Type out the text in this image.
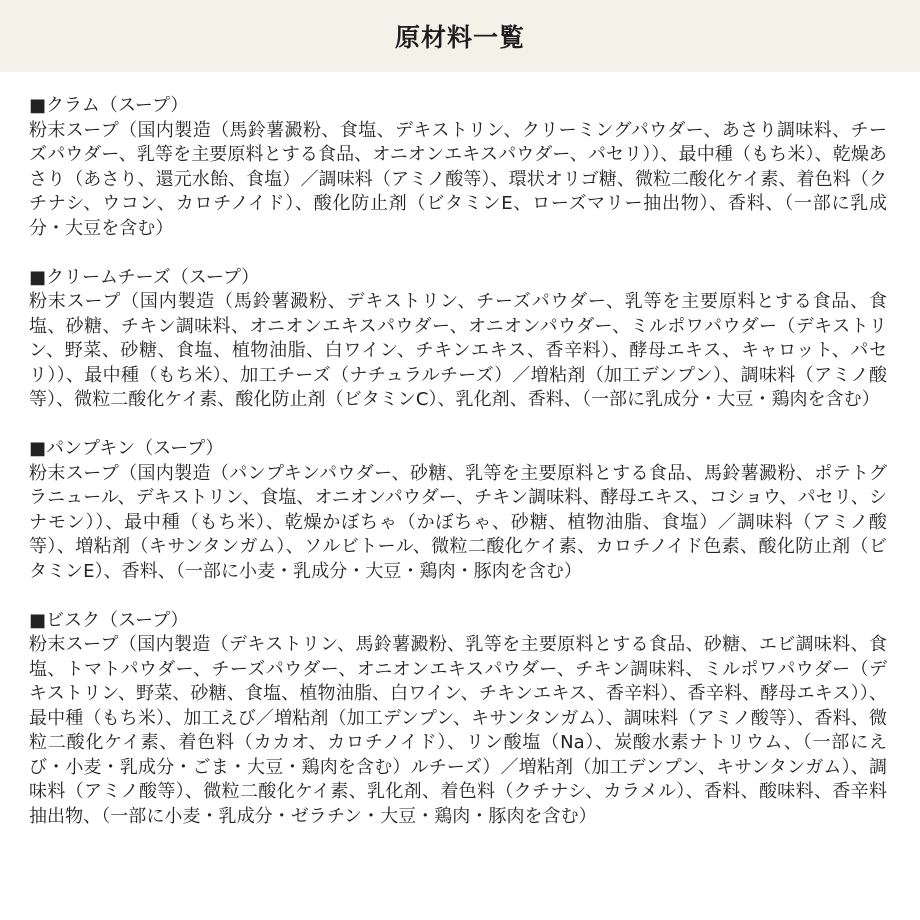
原材料一覧

■クラム（スープ）

粉末スープ（国内製造（馬鈴薯澱粉、食塩、デキストリン、クリーミングパウダー、あさり調味料、チーズパウダー、乳等を主要原料とする食品、オニオンエキスパウダー、パセリ））、最中種（もち米）、乾燥あさり（あさり、還元水飴、食塩）／調味料（アミノ酸等）、環状オリゴ糖、微粒二酸化ケイ素、着色料（クチナシ、ウコン、カロチノイド）、酸化防止剤（ビタミンE、ローズマリー抽出物）、香料、（一部に乳成分・大豆を含む）

■クリームチーズ（スープ）

粉末スープ（国内製造（馬鈴薯澱粉、デキストリン、チーズパウダー、乳等を主要原料とする食品、食塩、砂糖、チキン調味料、オニオンエキスパウダー、オニオンパウダー、ミルポワパウダー（デキストリン、野菜、砂糖、食塩、植物油脂、白ワイン、チキンエキス、香辛料）、酵母エキス、キャロット、パセリ））、最中種（もち米）、加工チーズ（ナチュラルチーズ）／増粘剤（加工デンプン）、調味料（アミノ酸等）、微粒二酸化ケイ素、酸化防止剤（ビタミンC）、乳化剤、香料、（一部に乳成分・大豆・鶏肉を含む）

■パンプキン（スープ）

粉末スープ（国内製造（パンプキンパウダー、砂糖、乳等を主要原料とする食品、馬鈴薯澱粉、ポテトグラニュール、デキストリン、食塩、オニオンパウダー、チキン調味料、酵母エキス、コショウ、パセリ、シナモン））、最中種（もち米）、乾燥かぼちゃ（かぼちゃ、砂糖、植物油脂、食塩）／調味料（アミノ酸等）、増粘剤（キサンタンガム）、ソルビトール、微粒二酸化ケイ素、カロチノイド色素、酸化防止剤（ビタミンE）、香料、（一部に小麦・乳成分・大豆・鶏肉・豚肉を含む）

■ビスク（スープ）

粉末スープ（国内製造（デキストリン、馬鈴薯澱粉、乳等を主要原料とする食品、砂糖、エビ調味料、食塩、トマトパウダー、チーズパウダー、オニオンエキスパウダー、チキン調味料、ミルポワパウダー（デキストリン、野菜、砂糖、食塩、植物油脂、白ワイン、チキンエキス、香辛料）、香辛料、酵母エキス））、最中種（もち米）、加工えび／増粘剤（加工デンプン、キサンタンガム）、調味料（アミノ酸等）、香料、微粒二酸化ケイ素、着色料（カカオ、カロチノイド）、リン酸塩（Na）、炭酸水素ナトリウム、（一部にえび・小麦・乳成分・ごま・大豆・鶏肉を含む）ルチーズ）／増粘剤（加工デンプン、キサンタンガム）、調味料（アミノ酸等）、微粒二酸化ケイ素、乳化剤、着色料（クチナシ、カラメル）、香料、酸味料、香辛料抽出物、（一部に小麦・乳成分・ゼラチン・大豆・鶏肉・豚肉を含む）
